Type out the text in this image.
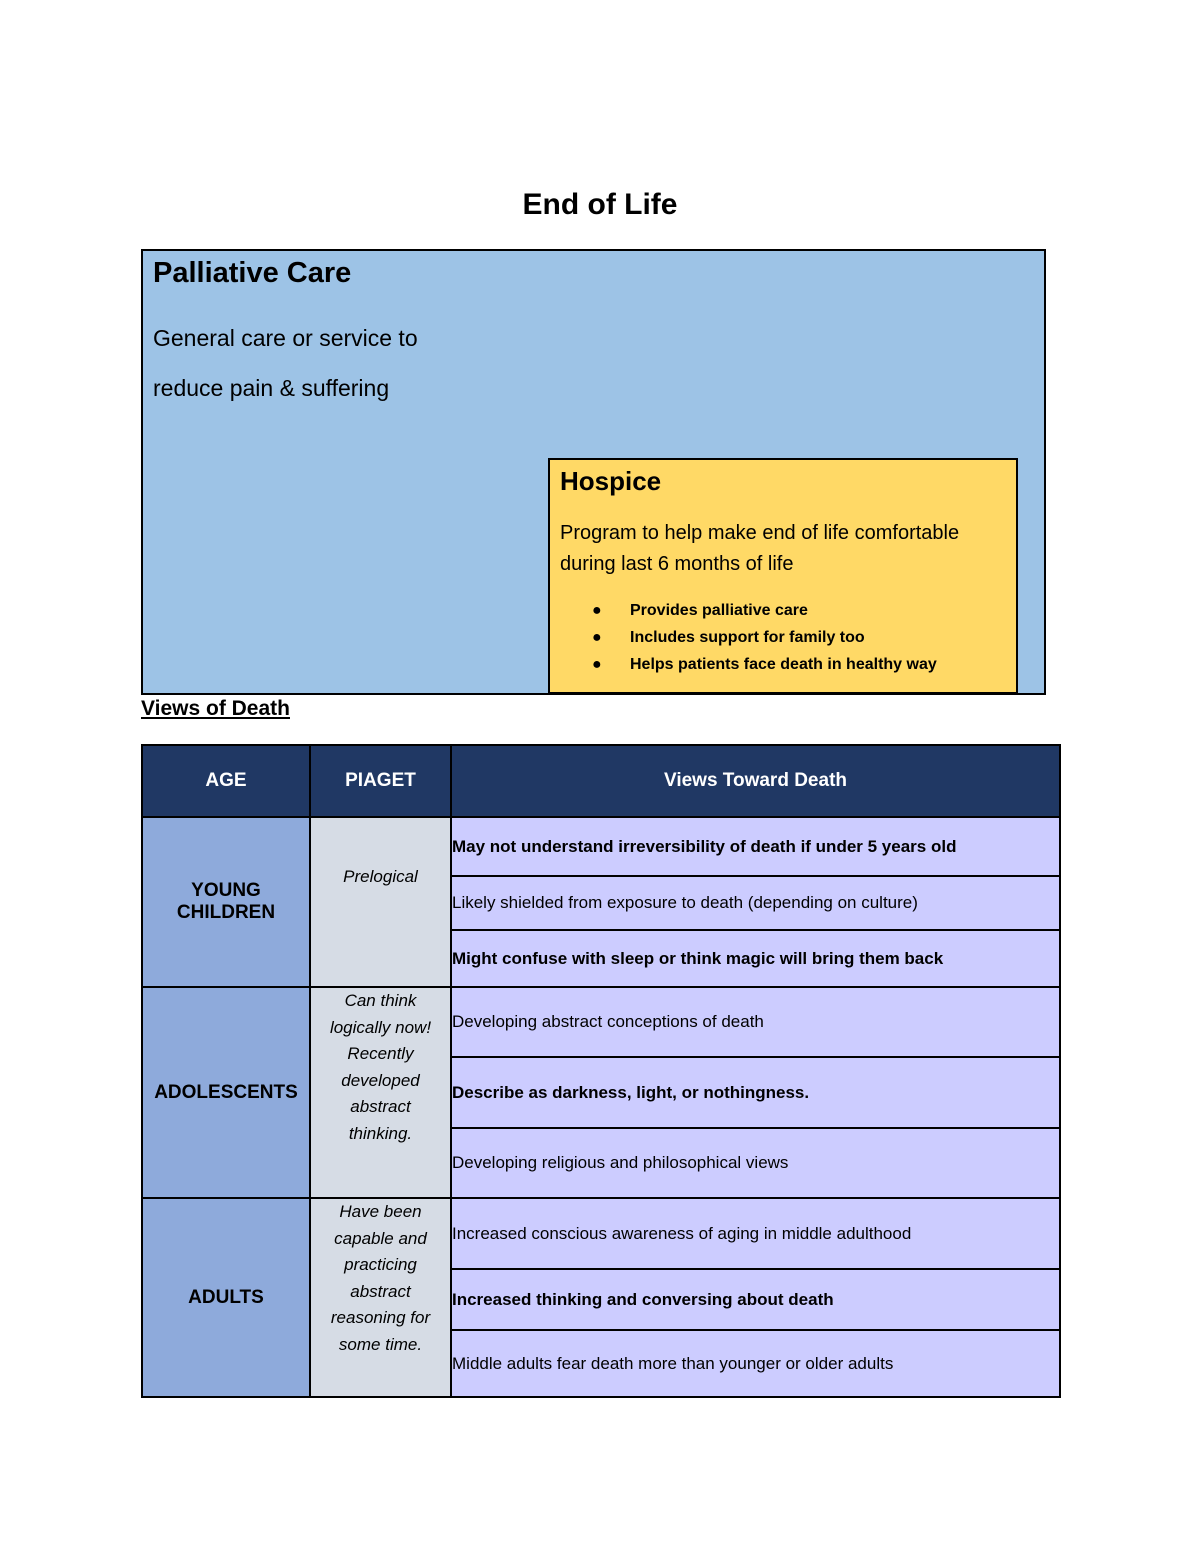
End of Life
Palliative Care
General care or service to reduce pain & suffering
Hospice
Program to help make end of life comfortable during last 6 months of life
● Provides palliative care
● Includes support for family too
● Helps patients face death in healthy way
Views of Death
AGE	PIAGET	Views Toward Death
YOUNG CHILDREN	Prelogical	May not understand irreversibility of death if under 5 years old
		Likely shielded from exposure to death (depending on culture)
		Might confuse with sleep or think magic will bring them back
ADOLESCENTS	Can think logically now! Recently developed abstract thinking.	Developing abstract conceptions of death
		Describe as darkness, light, or nothingness.
		Developing religious and philosophical views
ADULTS	Have been capable and practicing abstract reasoning for some time.	Increased conscious awareness of aging in middle adulthood
		Increased thinking and conversing about death
		Middle adults fear death more than younger or older adults
